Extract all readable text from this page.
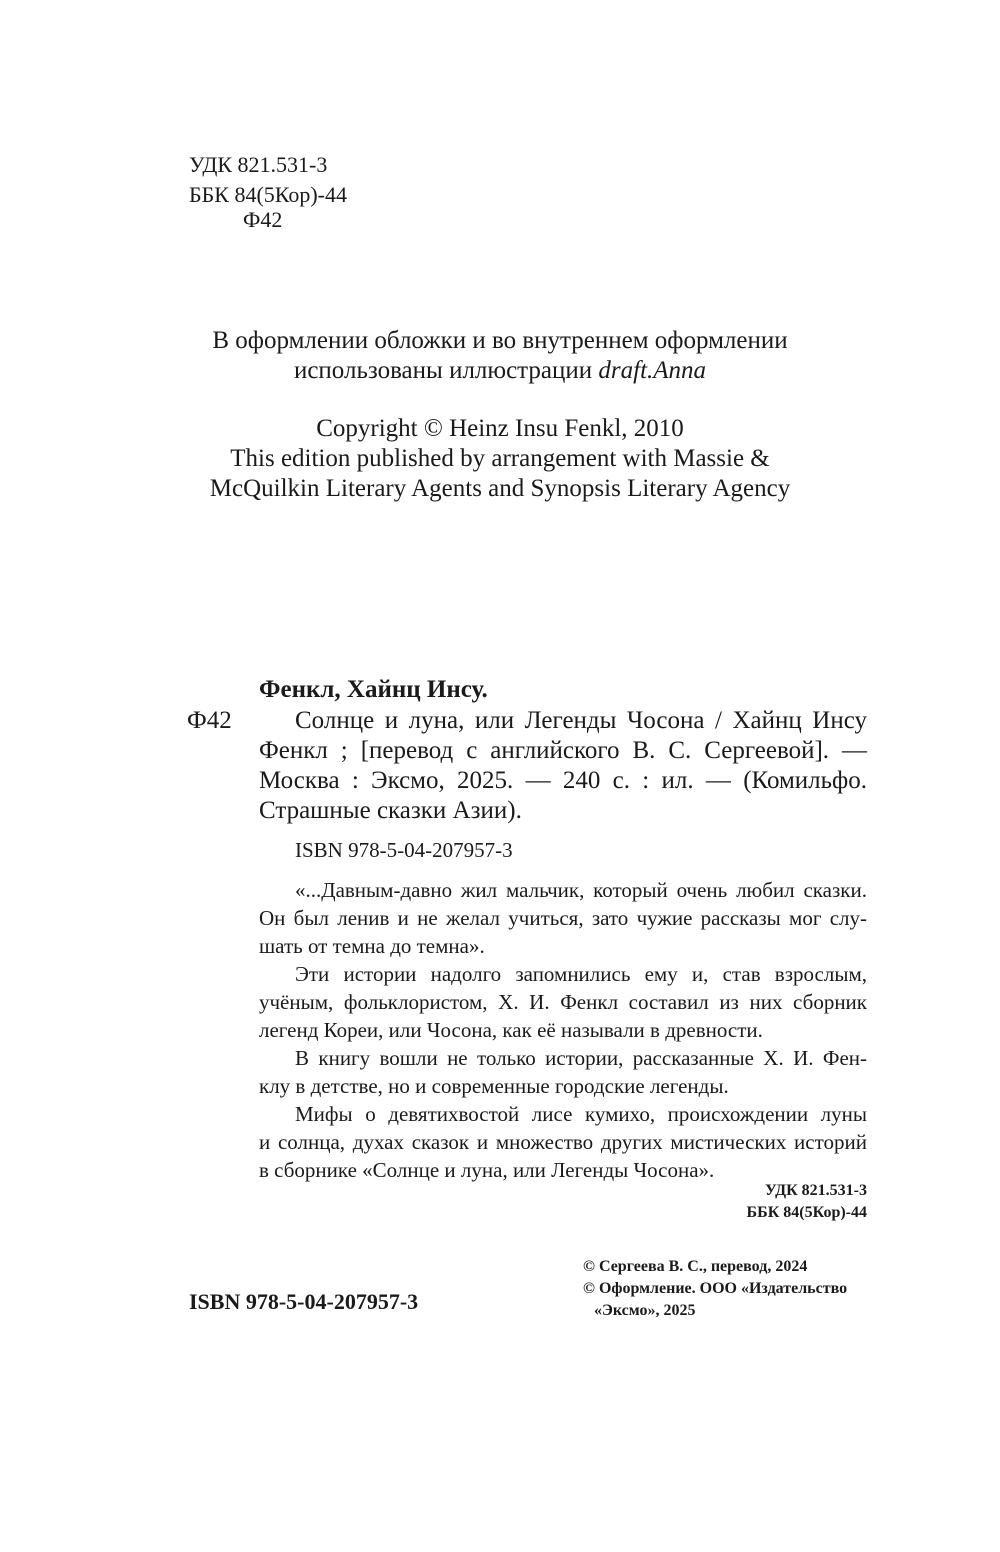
УДК 821.531-3
ББК 84(5Кор)-44
Ф42
В оформлении обложки и во внутреннем оформлении
использованы иллюстрации draft.Anna
Copyright © Heinz Insu Fenkl, 2010
This edition published by arrangement with Massie &
McQuilkin Literary Agents and Synopsis Literary Agency
Фенкл, Хайнц Инсу.
Ф42	Солнце и луна, или Легенды Чосона / Хайнц Инсу
Фенкл ; [перевод с английского В. С. Сергеевой]. —
Москва : Эксмо, 2025. — 240 с. : ил. — (Комильфо.
Страшные сказки Азии).
ISBN 978-5-04-207957-3
«...Давным-давно жил мальчик, который очень любил сказки.
Он был ленив и не желал учиться, зато чужие рассказы мог слу-
шать от темна до темна».
Эти истории надолго запомнились ему и, став взрослым,
учёным, фольклористом, Х. И. Фенкл составил из них сборник
легенд Кореи, или Чосона, как её называли в древности.
В книгу вошли не только истории, рассказанные Х. И. Фен-
клу в детстве, но и современные городские легенды.
Мифы о девятихвостой лисе кумихо, происхождении луны
и солнца, духах сказок и множество других мистических историй
в сборнике «Солнце и луна, или Легенды Чосона».
УДК 821.531-3
ББК 84(5Кор)-44
ISBN 978-5-04-207957-3
© Сергеева В. С., перевод, 2024
© Оформление. ООО «Издательство
«Эксмо», 2025
